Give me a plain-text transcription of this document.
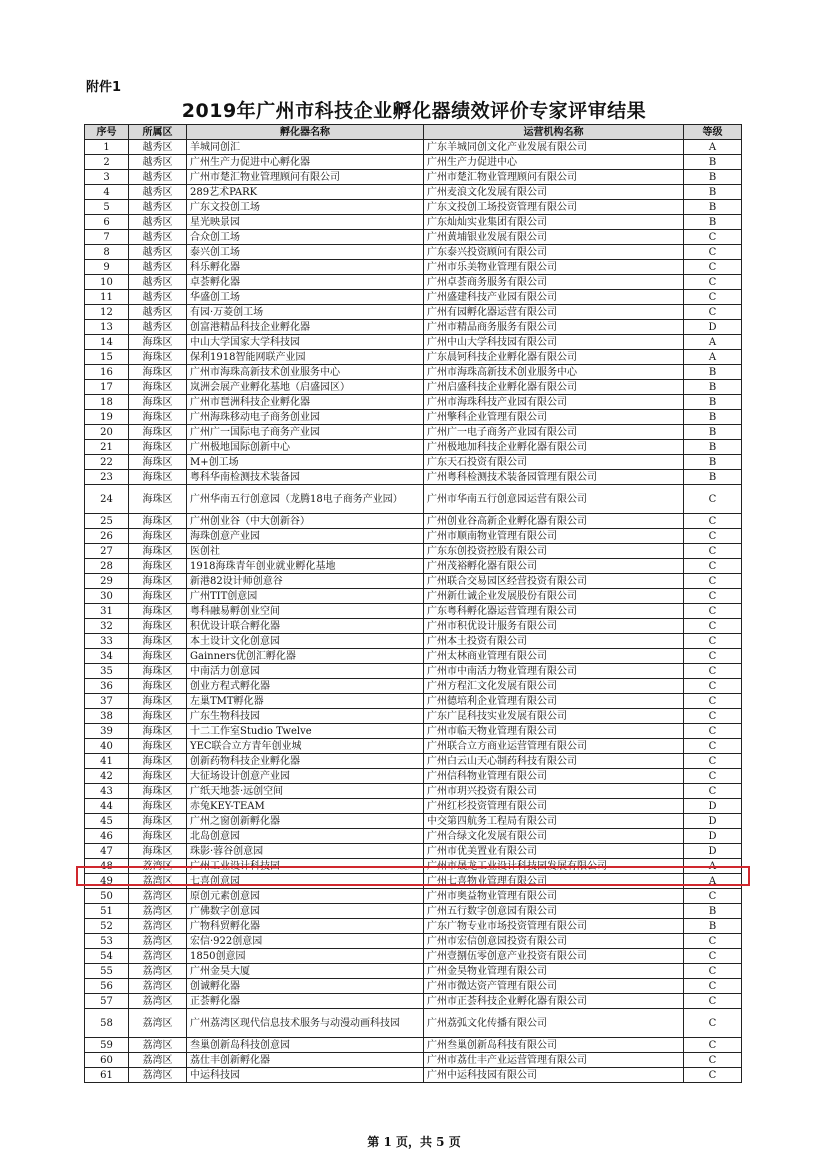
附件1
2019年广州市科技企业孵化器绩效评价专家评审结果
序号	所属区	孵化器名称	运营机构名称	等级
1	越秀区	羊城同创汇	广东羊城同创文化产业发展有限公司	A
2	越秀区	广州生产力促进中心孵化器	广州生产力促进中心	B
3	越秀区	广州市楚汇物业管理顾问有限公司	广州市楚汇物业管理顾问有限公司	B
4	越秀区	289艺术PARK	广州麦浪文化发展有限公司	B
5	越秀区	广东文投创工场	广东文投创工场投资管理有限公司	B
6	越秀区	星光映景园	广东灿灿实业集团有限公司	B
7	越秀区	合众创工场	广州黄埔银业发展有限公司	C
8	越秀区	泰兴创工场	广东泰兴投资顾问有限公司	C
9	越秀区	科乐孵化器	广州市乐美物业管理有限公司	C
10	越秀区	卓荟孵化器	广州卓荟商务服务有限公司	C
11	越秀区	华盛创工场	广州盛建科技产业园有限公司	C
12	越秀区	有园·万菱创工场	广州有园孵化器运营有限公司	C
13	越秀区	创富港精品科技企业孵化器	广州市精品商务服务有限公司	D
14	海珠区	中山大学国家大学科技园	广州中山大学科技园有限公司	A
15	海珠区	保利1918智能网联产业园	广东晨钶科技企业孵化器有限公司	A
16	海珠区	广州市海珠高新技术创业服务中心	广州市海珠高新技术创业服务中心	B
17	海珠区	岚洲会展产业孵化基地（启盛园区）	广州启盛科技企业孵化器有限公司	B
18	海珠区	广州市琶洲科技企业孵化器	广州市海珠科技产业园有限公司	B
19	海珠区	广州海珠移动电子商务创业园	广州擎科企业管理有限公司	B
20	海珠区	广州广一国际电子商务产业园	广州广一电子商务产业园有限公司	B
21	海珠区	广州极地国际创新中心	广州极地加科技企业孵化器有限公司	B
22	海珠区	M+创工场	广东天石投资有限公司	B
23	海珠区	粤科华南检测技术装备园	广州粤科检测技术装备园管理有限公司	B
24	海珠区	广州华南五行创意园（龙腾18电子商务产业园）	广州市华南五行创意园运营有限公司	C
25	海珠区	广州创业谷（中大创新谷）	广州创业谷高新企业孵化器有限公司	C
26	海珠区	海珠创意产业园	广州市顺南物业管理有限公司	C
27	海珠区	医创社	广东东创投资控股有限公司	C
28	海珠区	1918海珠青年创业就业孵化基地	广州茂裕孵化器有限公司	C
29	海珠区	新港82设计师创意谷	广州联合交易园区经营投资有限公司	C
30	海珠区	广州TIT创意园	广州新仕诚企业发展股份有限公司	C
31	海珠区	粤科融易孵创业空间	广东粤科孵化器运营管理有限公司	C
32	海珠区	积优设计联合孵化器	广州市积优设计服务有限公司	C
33	海珠区	本土设计文化创意园	广州本土投资有限公司	C
34	海珠区	Gainners优创汇孵化器	广州太林商业管理有限公司	C
35	海珠区	中南活力创意园	广州市中南活力物业管理有限公司	C
36	海珠区	创业方程式孵化器	广州方程汇文化发展有限公司	C
37	海珠区	左巢TMT孵化器	广州德培利企业管理有限公司	C
38	海珠区	广东生物科技园	广东广昆科技实业发展有限公司	C
39	海珠区	十二工作室Studio Twelve	广州市临天物业管理有限公司	C
40	海珠区	YEC联合立方青年创业城	广州联合立方商业运营管理有限公司	C
41	海珠区	创新药物科技企业孵化器	广州白云山天心制药科技有限公司	C
42	海珠区	大征场设计创意产业园	广州信科物业管理有限公司	C
43	海珠区	广纸天地荟·远创空间	广州市玥兴投资有限公司	C
44	海珠区	赤兔KEY-TEAM	广州红杉投资管理有限公司	D
45	海珠区	广州之窗创新孵化器	中交第四航务工程局有限公司	D
46	海珠区	北岛创意园	广州合绿文化发展有限公司	D
47	海珠区	珠影·蓉谷创意园	广州市优美置业有限公司	D
48	荔湾区	广州工业设计科技园	广州市晟龙工业设计科技园发展有限公司	A
49	荔湾区	七喜创意园	广州七喜物业管理有限公司	A
50	荔湾区	原创元素创意园	广州市奥益物业管理有限公司	C
51	荔湾区	广佛数字创意园	广州五行数字创意园有限公司	B
52	荔湾区	广物科贸孵化器	广东广物专业市场投资管理有限公司	B
53	荔湾区	宏信·922创意园	广州市宏信创意园投资有限公司	C
54	荔湾区	1850创意园	广州壹捌伍零创意产业投资有限公司	C
55	荔湾区	广州金昊大厦	广州金昊物业管理有限公司	C
56	荔湾区	创诚孵化器	广州市微达资产管理有限公司	C
57	荔湾区	正荟孵化器	广州市正荟科技企业孵化器有限公司	C
58	荔湾区	广州荔湾区现代信息技术服务与动漫动画科技园	广州荔弧文化传播有限公司	C
59	荔湾区	叁巢创新岛科技创意园	广州叁巢创新岛科技有限公司	C
60	荔湾区	荔仕丰创新孵化器	广州市荔仕丰产业运营管理有限公司	C
61	荔湾区	中运科技园	广州中运科技园有限公司	C
第 1 页，共 5 页
